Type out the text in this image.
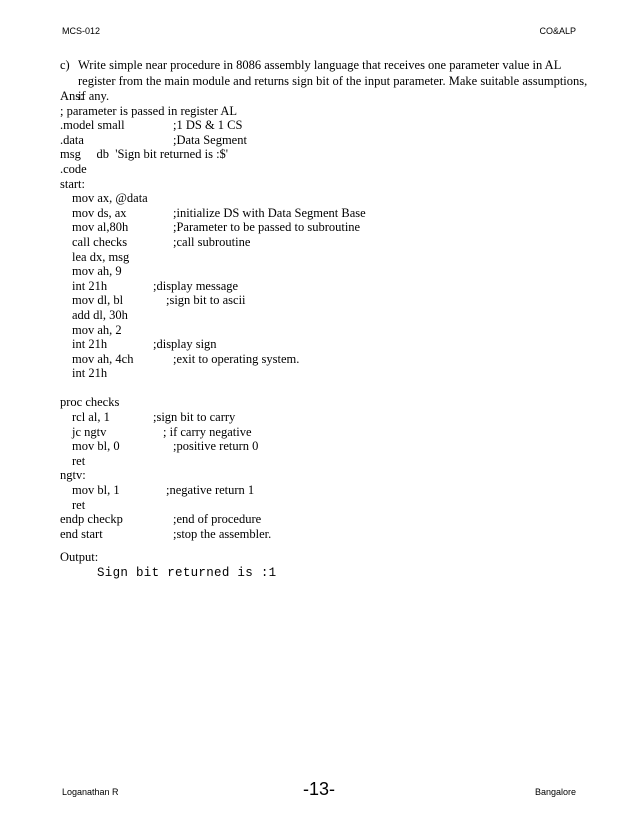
MCS-012	CO&ALP
c) Write simple near procedure in 8086 assembly language that receives one parameter value in AL register from the main module and returns sign bit of the input parameter. Make suitable assumptions, if any.
Ans:
; parameter is passed in register AL
.model small	;1 DS & 1 CS
.data	;Data Segment
msg     db  'Sign bit returned is :$'
.code
start:
mov ax, @data
mov ds, ax	;initialize DS with Data Segment Base
mov al,80h	;Parameter to be passed to subroutine
call checks	;call subroutine
lea dx, msg
mov ah, 9
int 21h	;display message
mov dl, bl	;sign bit to ascii
add dl, 30h
mov ah, 2
int 21h	;display sign
mov ah, 4ch	;exit to operating system.
int 21h
proc checks
rcl al, 1	;sign bit to carry
jc ngtv	; if carry negative
mov bl, 0	;positive return 0
ret
ngtv:
mov bl, 1	;negative return 1
ret
endp checkp	;end of procedure
end start	;stop the assembler.
Output:
Sign bit returned is :1
Loganathan R	-13-	Bangalore
